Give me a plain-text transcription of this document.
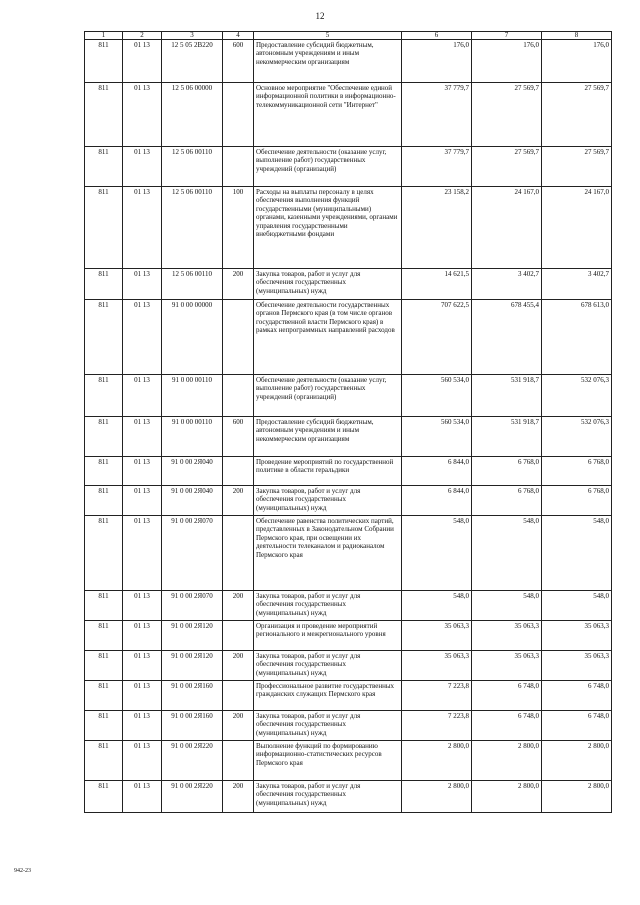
12
1	2	3	4	5	6	7	8
811	01 13	12 5 05 2В220	600	Предоставление субсидий бюджетным, автономным учреждениям и иным некоммерческим организациям	176,0	176,0	176,0
811	01 13	12 5 06 00000		Основное мероприятие "Обеспечение единой информационной политики в информационно-телекоммуникационной сети "Интернет"	37 779,7	27 569,7	27 569,7
811	01 13	12 5 06 00110		Обеспечение деятельности (оказание услуг, выполнение работ) государственных учреждений (организаций)	37 779,7	27 569,7	27 569,7
811	01 13	12 5 06 00110	100	Расходы на выплаты персоналу в целях обеспечения выполнения функций государственными (муниципальными) органами, казенными учреждениями, органами управления государственными внебюджетными фондами	23 158,2	24 167,0	24 167,0
811	01 13	12 5 06 00110	200	Закупка товаров, работ и услуг для обеспечения государственных (муниципальных) нужд	14 621,5	3 402,7	3 402,7
811	01 13	91 0 00 00000		Обеспечение деятельности государственных органов Пермского края (в том числе органов государственной власти Пермского края) в рамках непрограммных направлений расходов	707 622,5	678 455,4	678 613,0
811	01 13	91 0 00 00110		Обеспечение деятельности (оказание услуг, выполнение работ) государственных учреждений (организаций)	560 534,0	531 918,7	532 076,3
811	01 13	91 0 00 00110	600	Предоставление субсидий бюджетным, автономным учреждениям и иным некоммерческим организациям	560 534,0	531 918,7	532 076,3
811	01 13	91 0 00 2Я040		Проведение мероприятий по государственной политике в области геральдики	6 844,0	6 768,0	6 768,0
811	01 13	91 0 00 2Я040	200	Закупка товаров, работ и услуг для обеспечения государственных (муниципальных) нужд	6 844,0	6 768,0	6 768,0
811	01 13	91 0 00 2Я070		Обеспечение равенства политических партий, представленных в Законодательном Собрании Пермского края, при освещении их деятельности телеканалом и радиоканалом Пермского края	548,0	548,0	548,0
811	01 13	91 0 00 2Я070	200	Закупка товаров, работ и услуг для обеспечения государственных (муниципальных) нужд	548,0	548,0	548,0
811	01 13	91 0 00 2Я120		Организация и проведение мероприятий регионального и межрегионального уровня	35 063,3	35 063,3	35 063,3
811	01 13	91 0 00 2Я120	200	Закупка товаров, работ и услуг для обеспечения государственных (муниципальных) нужд	35 063,3	35 063,3	35 063,3
811	01 13	91 0 00 2Я160		Профессиональное развитие государственных гражданских служащих Пермского края	7 223,8	6 748,0	6 748,0
811	01 13	91 0 00 2Я160	200	Закупка товаров, работ и услуг для обеспечения государственных (муниципальных) нужд	7 223,8	6 748,0	6 748,0
811	01 13	91 0 00 2Я220		Выполнение функций по формированию информационно-статистических ресурсов Пермского края	2 800,0	2 800,0	2 800,0
811	01 13	91 0 00 2Я220	200	Закупка товаров, работ и услуг для обеспечения государственных (муниципальных) нужд	2 800,0	2 800,0	2 800,0
942-23
